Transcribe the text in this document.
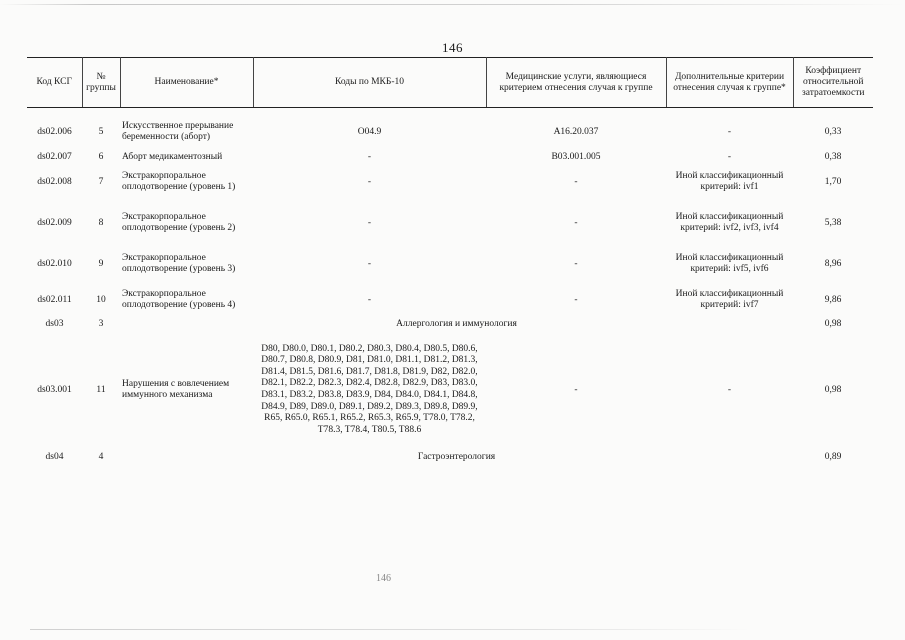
146
Код КСГ	№ группы	Наименование*	Коды по МКБ-10	Медицинские услуги, являющиеся критерием отнесения случая к группе	Дополнительные критерии отнесения случая к группе*	Коэффициент относительной затратоемкости

ds02.006	5	Искусственное прерывание беременности (аборт)	O04.9	A16.20.037	-	0,33
ds02.007	6	Аборт медикаментозный	-	B03.001.005	-	0,38
ds02.008	7	Экстракорпоральное оплодотворение (уровень 1)	-	-	Иной классификационный критерий: ivf1	1,70
ds02.009	8	Экстракорпоральное оплодотворение (уровень 2)	-	-	Иной классификационный критерий: ivf2, ivf3, ivf4	5,38
ds02.010	9	Экстракорпоральное оплодотворение (уровень 3)	-	-	Иной классификационный критерий: ivf5, ivf6	8,96
ds02.011	10	Экстракорпоральное оплодотворение (уровень 4)	-	-	Иной классификационный критерий: ivf7	9,86
ds03	3	Аллергология и иммунология				0,98
ds03.001	11	Нарушения с вовлечением иммунного механизма	D80, D80.0, D80.1, D80.2, D80.3, D80.4, D80.5, D80.6, D80.7, D80.8, D80.9, D81, D81.0, D81.1, D81.2, D81.3, D81.4, D81.5, D81.6, D81.7, D81.8, D81.9, D82, D82.0, D82.1, D82.2, D82.3, D82.4, D82.8, D82.9, D83, D83.0, D83.1, D83.2, D83.8, D83.9, D84, D84.0, D84.1, D84.8, D84.9, D89, D89.0, D89.1, D89.2, D89.3, D89.8, D89.9, R65, R65.0, R65.1, R65.2, R65.3, R65.9, T78.0, T78.2, T78.3, T78.4, T80.5, T88.6	-	-	0,98
ds04	4	Гастроэнтерология				0,89
146
